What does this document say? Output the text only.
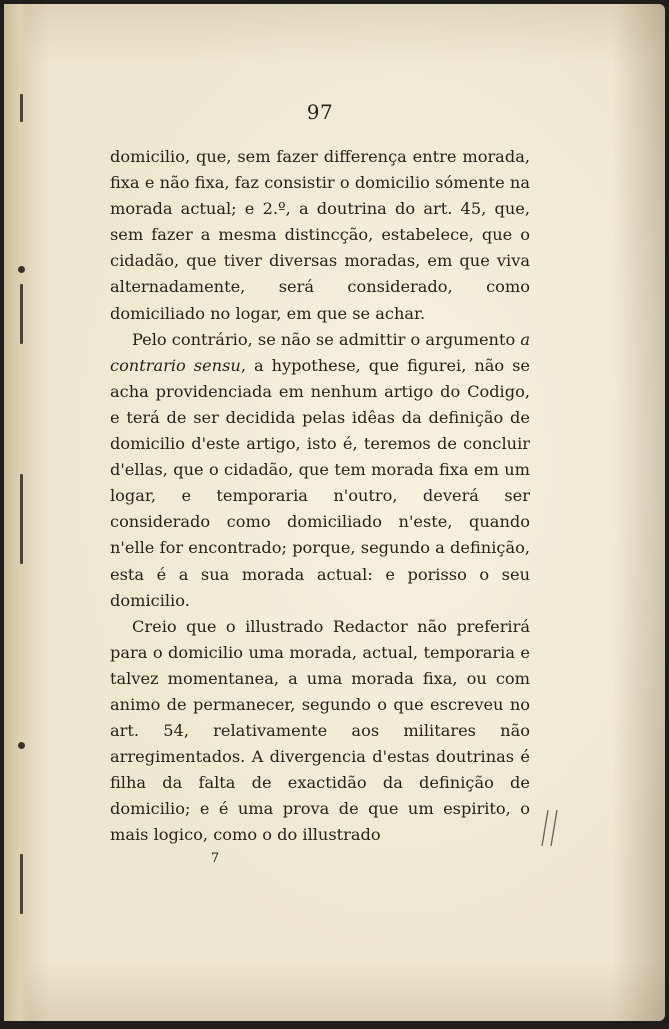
97

domicilio, que, sem fazer differença entre morada, fixa e não fixa, faz consistir o domicilio sómente na morada actual; e 2.º, a doutrina do art. 45, que, sem fazer a mesma distincção, estabelece, que o cidadão, que tiver diversas moradas, em que viva alternadamente, será considerado, como domiciliado no logar, em que se achar.

Pelo contrário, se não se admittir o argumento a contrario sensu, a hypothese, que figurei, não se acha providenciada em nenhum artigo do Codigo, e terá de ser decidida pelas idêas da definição de domicilio d'este artigo, isto é, teremos de concluir d'ellas, que o cidadão, que tem morada fixa em um logar, e temporaria n'outro, deverá ser considerado como domiciliado n'este, quando n'elle for encontrado; porque, segundo a definição, esta é a sua morada actual: e porisso o seu domicilio.

Creio que o illustrado Redactor não preferirá para o domicilio uma morada, actual, temporaria e talvez momentanea, a uma morada fixa, ou com animo de permanecer, segundo o que escreveu no art. 54, relativamente aos militares não arregimentados. A divergencia d'estas doutrinas é filha da falta de exactidão da definição de domicilio; e é uma prova de que um espirito, o mais logico, como o do illustrado

7
